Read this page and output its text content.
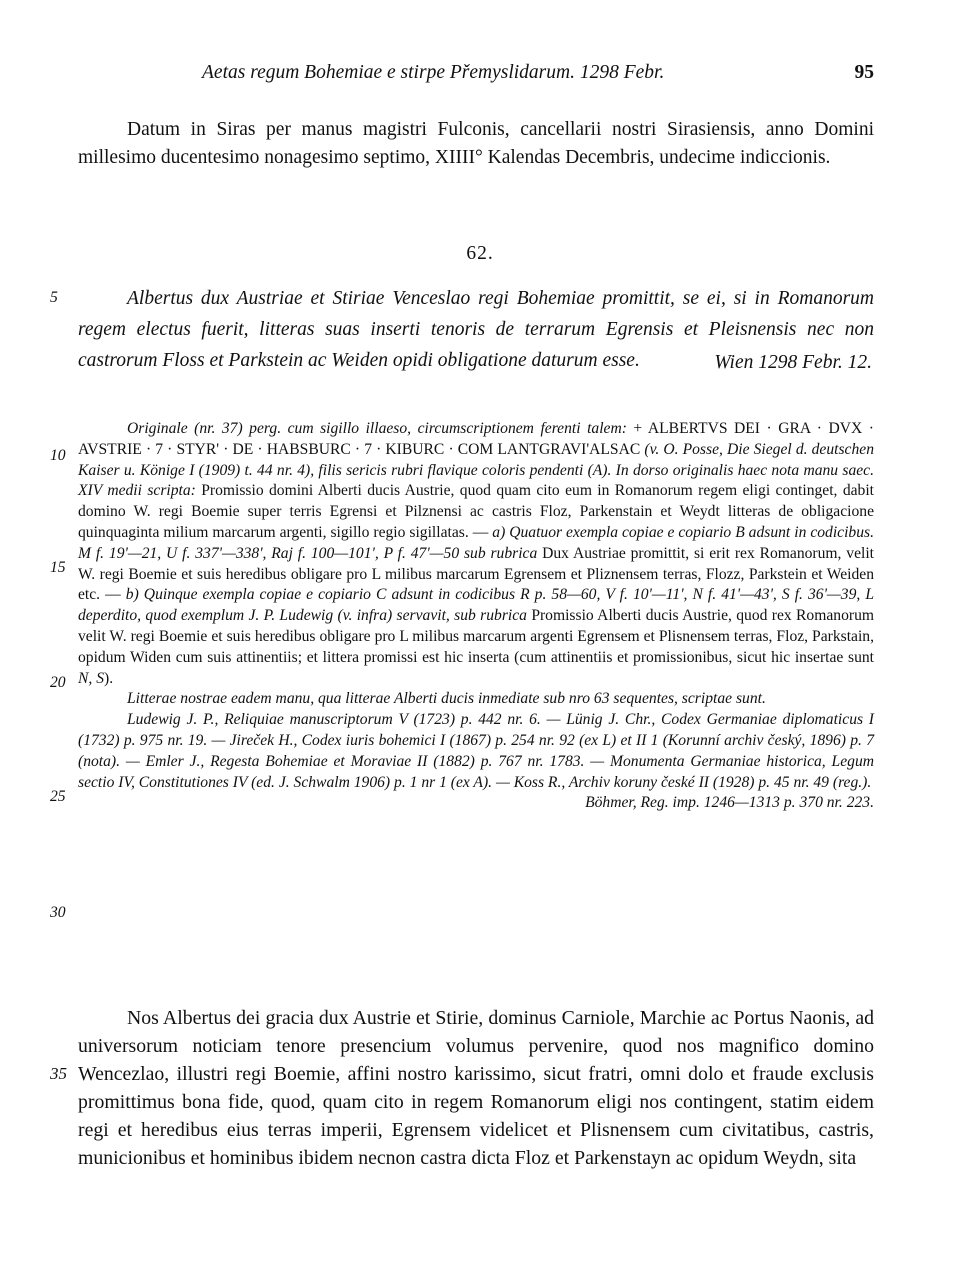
Aetas regum Bohemiae e stirpe Přemyslidarum. 1298 Febr.	95
Datum in Siras per manus magistri Fulconis, cancellarii nostri Sirasiensis, anno Domini millesimo ducentesimo nonagesimo septimo, XIIII° Kalendas Decembris, undecime indiccionis.
62.
Albertus dux Austriae et Stiriae Venceslao regi Bohemiae promittit, se ei, si in Romanorum regem electus fuerit, litteras suas inserti tenoris de terrarum Egrensis et Pleisnensis nec non castrorum Floss et Parkstein ac Weiden opidi obligatione daturum esse.	Wien 1298 Febr. 12.

Originale (nr. 37) perg. cum sigillo illaeso, circumscriptionem ferenti talem: + ALBERTVS DEI · GRA · DVX · AVSTRIE · 7 · STYR' · DE · HABSBURC · 7 · KIBURC · COM LANTGRAVI'ALSAC (v. O. Posse, Die Siegel d. deutschen Kaiser u. Könige I (1909) t. 44 nr. 4), filis sericis rubri flavique coloris pendenti (A). In dorso originalis haec nota manu saec. XIV medii scripta: Promissio domini Alberti ducis Austrie, quod quam cito eum in Romanorum regem eligi continget, dabit domino W. regi Boemie super terris Egrensi et Pilznensi ac castris Floz, Parkenstain et Weydt litteras de obligacione quinquaginta milium marcarum argenti, sigillo regio sigillatas. — a) Quatuor exempla copiae e copiario B adsunt in codicibus. M f. 19'—21, U f. 337'—338', Raj f. 100—101', P f. 47'—50 sub rubrica Dux Austriae promittit, si erit rex Romanorum, velit W. regi Boemie et suis heredibus obligare pro L milibus marcarum Egrensem et Pliznensem terras, Flozz, Parkstein et Weiden etc. — b) Quinque exempla copiae e copiario C adsunt in codicibus R p. 58—60, V f. 10'—11', N f. 41'—43', S f. 36'—39, L deperdito, quod exemplum J. P. Ludewig (v. infra) servavit, sub rubrica Promissio Alberti ducis Austrie, quod rex Romanorum velit W. regi Boemie et suis heredibus obligare pro L milibus marcarum argenti Egrensem et Plisnensem terras, Floz, Parkstain, opidum Widen cum suis attinentiis; et littera promissi est hic inserta (cum attinentiis et promissionibus, sicut hic insertae sunt N, S).

Litterae nostrae eadem manu, qua litterae Alberti ducis inmediate sub nro 63 sequentes, scriptae sunt.

Ludewig J. P., Reliquiae manuscriptorum V (1723) p. 442 nr. 6. — Lünig J. Chr., Codex Germaniae diplomaticus I (1732) p. 975 nr. 19. — Jireček H., Codex iuris bohemici I (1867) p. 254 nr. 92 (ex L) et II 1 (Korunní archiv český, 1896) p. 7 (nota). — Emler J., Regesta Bohemiae et Moraviae II (1882) p. 767 nr. 1783. — Monumenta Germaniae historica, Legum sectio IV, Constitutiones IV (ed. J. Schwalm 1906) p. 1 nr 1 (ex A). — Koss R., Archiv koruny české II (1928) p. 45 nr. 49 (reg.).
Böhmer, Reg. imp. 1246—1313 p. 370 nr. 223.

Nos Albertus dei gracia dux Austrie et Stirie, dominus Carniole, Marchie ac Portus Naonis, ad universorum noticiam tenore presencium volumus pervenire, quod nos magnifico domino Wencezlao, illustri regi Boemie, affini nostro karissimo, sicut fratri, omni dolo et fraude exclusis promittimus bona fide, quod, quam cito in regem Romanorum eligi nos contingent, statim eidem regi et heredibus eius terras imperii, Egrensem videlicet et Plisnensem cum civitatibus, castris, municionibus et hominibus ibidem necnon castra dicta Floz et Parkenstayn ac opidum Weydn, sita
5
10
15
20
25
30
35
